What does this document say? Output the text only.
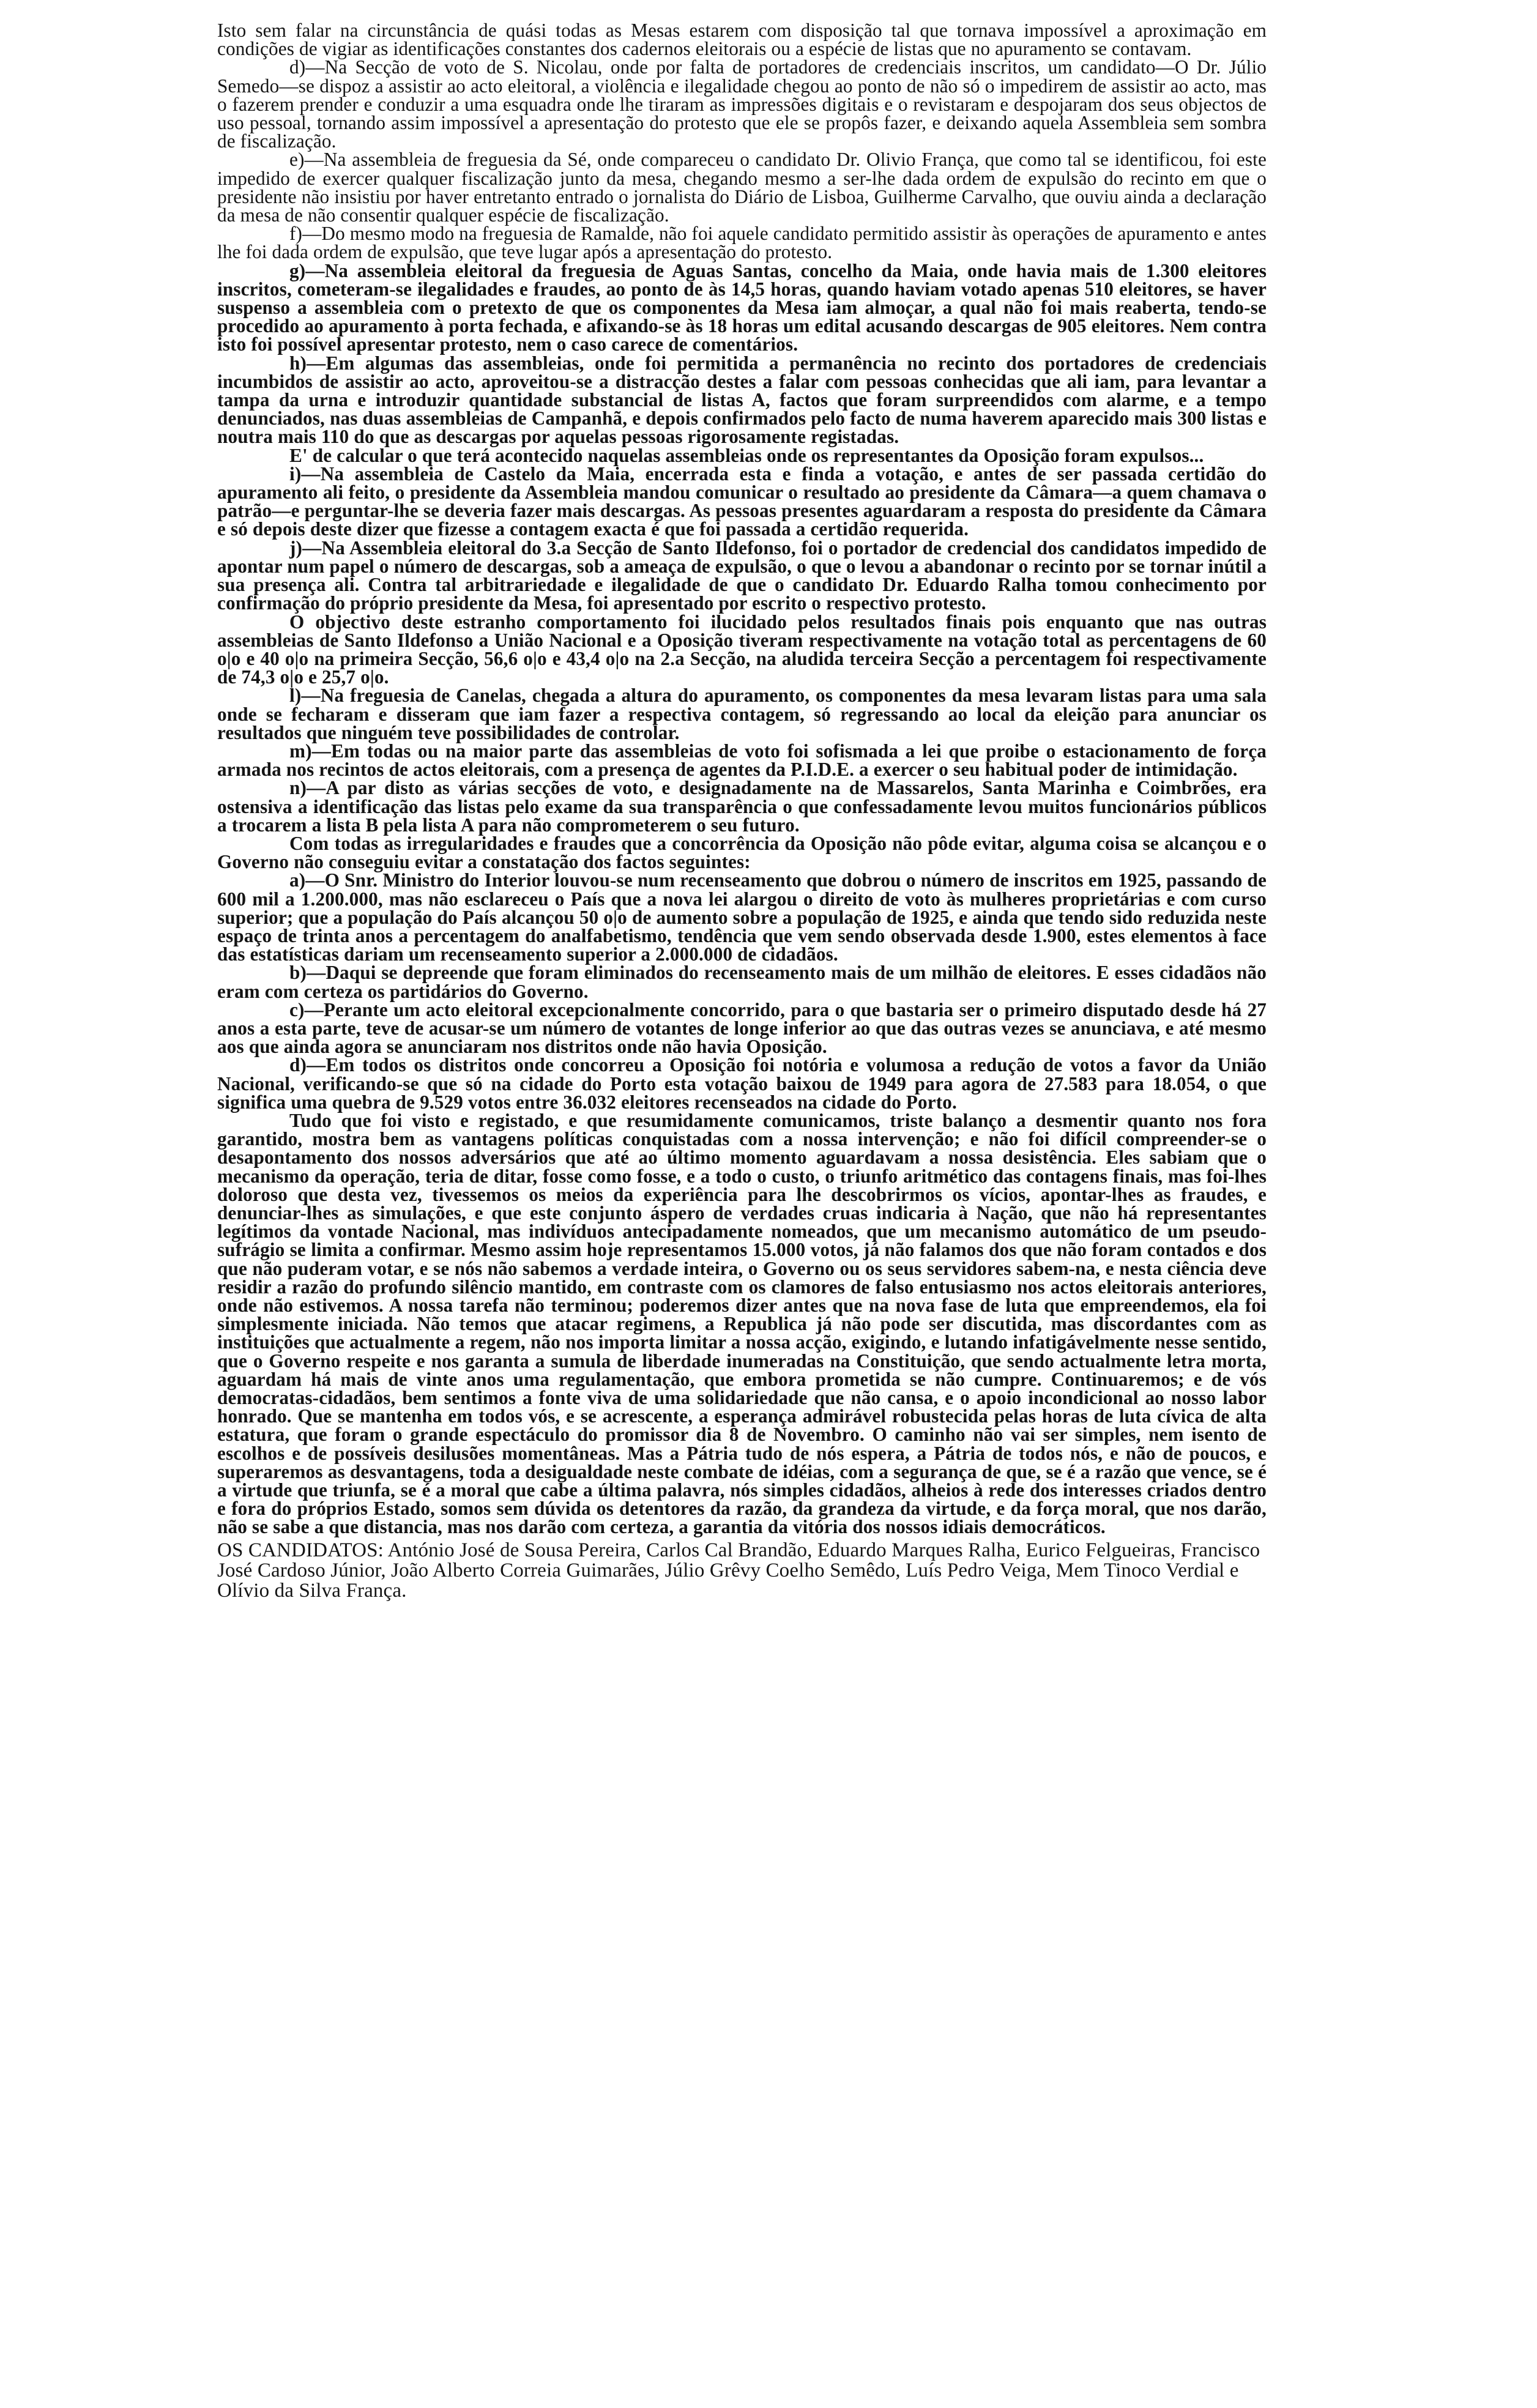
Isto sem falar na circunstância de quási todas as Mesas estarem com disposição tal que tornava impossível a aproximação em condições de vigiar as identificações constantes dos cadernos eleitorais ou a espécie de listas que no apuramento se contavam.

d)—Na Secção de voto de S. Nicolau, onde por falta de portadores de credenciais inscritos, um candidato—O Dr. Júlio Semedo—se dispoz a assistir ao acto eleitoral, a violência e ilegalidade chegou ao ponto de não só o impedirem de assistir ao acto, mas o fazerem prender e conduzir a uma esquadra onde lhe tiraram as impressões digitais e o revistaram e despojaram dos seus objectos de uso pessoal, tornando assim impossível a apresentação do protesto que ele se propôs fazer, e deixando aquela Assembleia sem sombra de fiscalização.

e)—Na assembleia de freguesia da Sé, onde compareceu o candidato Dr. Olivio França, que como tal se identificou, foi este impedido de exercer qualquer fiscalização junto da mesa, chegando mesmo a ser-lhe dada ordem de expulsão do recinto em que o presidente não insistiu por haver entretanto entrado o jornalista do Diário de Lisboa, Guilherme Carvalho, que ouviu ainda a declaração da mesa de não consentir qualquer espécie de fiscalização.

f)—Do mesmo modo na freguesia de Ramalde, não foi aquele candidato permitido assistir às operações de apuramento e antes lhe foi dada ordem de expulsão, que teve lugar após a apresentação do protesto.

g)—Na assembleia eleitoral da freguesia de Aguas Santas, concelho da Maia, onde havia mais de 1.300 eleitores inscritos, cometeram-se ilegalidades e fraudes, ao ponto de às 14,5 horas, quando haviam votado apenas 510 eleitores, se haver suspenso a assembleia com o pretexto de que os componentes da Mesa iam almoçar, a qual não foi mais reaberta, tendo-se procedido ao apuramento à porta fechada, e afixando-se às 18 horas um edital acusando descargas de 905 eleitores. Nem contra isto foi possível apresentar protesto, nem o caso carece de comentários.

h)—Em algumas das assembleias, onde foi permitida a permanência no recinto dos portadores de credenciais incumbidos de assistir ao acto, aproveitou-se a distracção destes a falar com pessoas conhecidas que ali iam, para levantar a tampa da urna e introduzir quantidade substancial de listas A, factos que foram surpreendidos com alarme, e a tempo denunciados, nas duas assembleias de Campanhã, e depois confirmados pelo facto de numa haverem aparecido mais 300 listas e noutra mais 110 do que as descargas por aquelas pessoas rigorosamente registadas.

E' de calcular o que terá acontecido naquelas assembleias onde os representantes da Oposição foram expulsos...

i)—Na assembleia de Castelo da Maia, encerrada esta e finda a votação, e antes de ser passada certidão do apuramento ali feito, o presidente da Assembleia mandou comunicar o resultado ao presidente da Câmara—a quem chamava o patrão—e perguntar-lhe se deveria fazer mais descargas. As pessoas presentes aguardaram a resposta do presidente da Câmara e só depois deste dizer que fizesse a contagem exacta é que foi passada a certidão requerida.

j)—Na Assembleia eleitoral do 3.a Secção de Santo Ildefonso, foi o portador de credencial dos candidatos impedido de apontar num papel o número de descargas, sob a ameaça de expulsão, o que o levou a abandonar o recinto por se tornar inútil a sua presença ali. Contra tal arbitrariedade e ilegalidade de que o candidato Dr. Eduardo Ralha tomou conhecimento por confirmação do próprio presidente da Mesa, foi apresentado por escrito o respectivo protesto.

O objectivo deste estranho comportamento foi ilucidado pelos resultados finais pois enquanto que nas outras assembleias de Santo Ildefonso a União Nacional e a Oposição tiveram respectivamente na votação total as percentagens de 60 o|o e 40 o|o na primeira Secção, 56,6 o|o e 43,4 o|o na 2.a Secção, na aludida terceira Secção a percentagem foi respectivamente de 74,3 o|o e 25,7 o|o.

l)—Na freguesia de Canelas, chegada a altura do apuramento, os componentes da mesa levaram listas para uma sala onde se fecharam e disseram que iam fazer a respectiva contagem, só regressando ao local da eleição para anunciar os resultados que ninguém teve possibilidades de controlar.

m)—Em todas ou na maior parte das assembleias de voto foi sofismada a lei que proibe o estacionamento de força armada nos recintos de actos eleitorais, com a presença de agentes da P.I.D.E. a exercer o seu habitual poder de intimidação.

n)—A par disto as várias secções de voto, e designadamente na de Massarelos, Santa Marinha e Coimbrões, era ostensiva a identificação das listas pelo exame da sua transparência o que confessadamente levou muitos funcionários públicos a trocarem a lista B pela lista A para não comprometerem o seu futuro.

Com todas as irregularidades e fraudes que a concorrência da Oposição não pôde evitar, alguma coisa se alcançou e o Governo não conseguiu evitar a constatação dos factos seguintes:

a)—O Snr. Ministro do Interior louvou-se num recenseamento que dobrou o número de inscritos em 1925, passando de 600 mil a 1.200.000, mas não esclareceu o País que a nova lei alargou o direito de voto às mulheres proprietárias e com curso superior; que a população do País alcançou 50 o|o de aumento sobre a população de 1925, e ainda que tendo sido reduzida neste espaço de trinta anos a percentagem do analfabetismo, tendência que vem sendo observada desde 1.900, estes elementos à face das estatísticas dariam um recenseamento superior a 2.000.000 de cidadãos.

b)—Daqui se depreende que foram eliminados do recenseamento mais de um milhão de eleitores. E esses cidadãos não eram com certeza os partidários do Governo.

c)—Perante um acto eleitoral excepcionalmente concorrido, para o que bastaria ser o primeiro disputado desde há 27 anos a esta parte, teve de acusar-se um número de votantes de longe inferior ao que das outras vezes se anunciava, e até mesmo aos que ainda agora se anunciaram nos distritos onde não havia Oposição.

d)—Em todos os distritos onde concorreu a Oposição foi notória e volumosa a redução de votos a favor da União Nacional, verificando-se que só na cidade do Porto esta votação baixou de 1949 para agora de 27.583 para 18.054, o que significa uma quebra de 9.529 votos entre 36.032 eleitores recenseados na cidade do Porto.

Tudo que foi visto e registado, e que resumidamente comunicamos, triste balanço a desmentir quanto nos fora garantido, mostra bem as vantagens políticas conquistadas com a nossa intervenção; e não foi difícil compreender-se o desapontamento dos nossos adversários que até ao último momento aguardavam a nossa desistência. Eles sabiam que o mecanismo da operação, teria de ditar, fosse como fosse, e a todo o custo, o triunfo aritmético das contagens finais, mas foi-lhes doloroso que desta vez, tivessemos os meios da experiência para lhe descobrirmos os vícios, apontar-lhes as fraudes, e denunciar-lhes as simulações, e que este conjunto áspero de verdades cruas indicaria à Nação, que não há representantes legítimos da vontade Nacional, mas indivíduos antecipadamente nomeados, que um mecanismo automático de um pseudo-sufrágio se limita a confirmar. Mesmo assim hoje representamos 15.000 votos, já não falamos dos que não foram contados e dos que não puderam votar, e se nós não sabemos a verdade inteira, o Governo ou os seus servidores sabem-na, e nesta ciência deve residir a razão do profundo silêncio mantido, em contraste com os clamores de falso entusiasmo nos actos eleitorais anteriores, onde não estivemos. A nossa tarefa não terminou; poderemos dizer antes que na nova fase de luta que empreendemos, ela foi simplesmente iniciada. Não temos que atacar regimens, a Republica já não pode ser discutida, mas discordantes com as instituições que actualmente a regem, não nos importa limitar a nossa acção, exigindo, e lutando infatigávelmente nesse sentido, que o Governo respeite e nos garanta a sumula de liberdade inumeradas na Constituição, que sendo actualmente letra morta, aguardam há mais de vinte anos uma regulamentação, que embora prometida se não cumpre. Continuaremos; e de vós democratas-cidadãos, bem sentimos a fonte viva de uma solidariedade que não cansa, e o apoio incondicional ao nosso labor honrado. Que se mantenha em todos vós, e se acrescente, a esperança admirável robustecida pelas horas de luta cívica de alta estatura, que foram o grande espectáculo do promissor dia 8 de Novembro. O caminho não vai ser simples, nem isento de escolhos e de possíveis desilusões momentâneas. Mas a Pátria tudo de nós espera, a Pátria de todos nós, e não de poucos, e superaremos as desvantagens, toda a desigualdade neste combate de idéias, com a segurança de que, se é a razão que vence, se é a virtude que triunfa, se é a moral que cabe a última palavra, nós simples cidadãos, alheios à rede dos interesses criados dentro e fora do próprios Estado, somos sem dúvida os detentores da razão, da grandeza da virtude, e da força moral, que nos darão, não se sabe a que distancia, mas nos darão com certeza, a garantia da vitória dos nossos idiais democráticos.

OS CANDIDATOS: António José de Sousa Pereira, Carlos Cal Brandão, Eduardo Marques Ralha, Eurico Felgueiras, Francisco José Cardoso Júnior, João Alberto Correia Guimarães, Júlio Grêvy Coelho Semêdo, Luís Pedro Veiga, Mem Tinoco Verdial e Olívio da Silva França.
